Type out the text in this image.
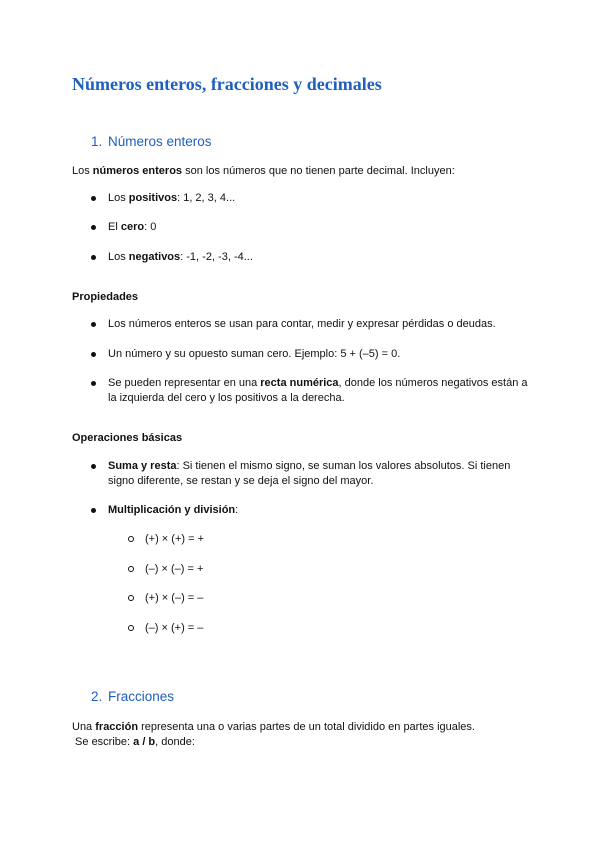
Números enteros, fracciones y decimales
1. Números enteros

Los números enteros son los números que no tienen parte decimal. Incluyen:

Los positivos: 1, 2, 3, 4...

El cero: 0

Los negativos: -1, -2, -3, -4...

Propiedades

Los números enteros se usan para contar, medir y expresar pérdidas o deudas.

Un número y su opuesto suman cero. Ejemplo: 5 + (–5) = 0.

Se pueden representar en una recta numérica, donde los números negativos están a la izquierda del cero y los positivos a la derecha.

Operaciones básicas

Suma y resta: Si tienen el mismo signo, se suman los valores absolutos. Si tienen signo diferente, se restan y se deja el signo del mayor.

Multiplicación y división:

(+) × (+) = +

(–) × (–) = +

(+) × (–) = –

(–) × (+) = –

2. Fracciones

Una fracción representa una o varias partes de un total dividido en partes iguales.

Se escribe: a / b, donde:
